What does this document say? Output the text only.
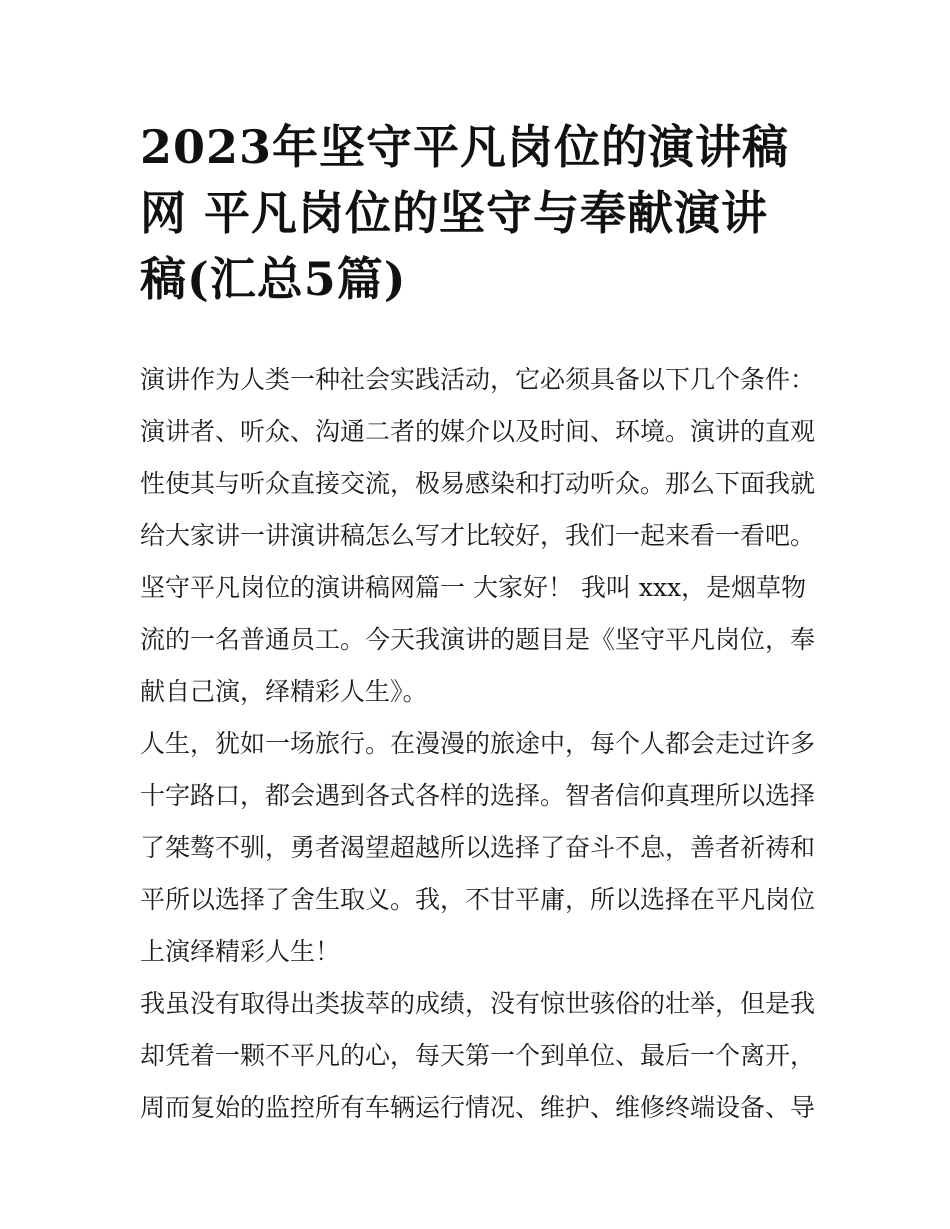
2023年坚守平凡岗位的演讲稿
网 平凡岗位的坚守与奉献演讲
稿(汇总5篇)
演讲作为人类一种社会实践活动，它必须具备以下几个条件：
演讲者、听众、沟通二者的媒介以及时间、环境。演讲的直观
性使其与听众直接交流，极易感染和打动听众。那么下面我就
给大家讲一讲演讲稿怎么写才比较好，我们一起来看一看吧。
坚守平凡岗位的演讲稿网篇一 大家好！ 我叫 xxx，是烟草物
流的一名普通员工。今天我演讲的题目是《坚守平凡岗位，奉
献自己演，绎精彩人生》。
人生，犹如一场旅行。在漫漫的旅途中，每个人都会走过许多
十字路口，都会遇到各式各样的选择。智者信仰真理所以选择
了桀骜不驯，勇者渴望超越所以选择了奋斗不息，善者祈祷和
平所以选择了舍生取义。我，不甘平庸，所以选择在平凡岗位
上演绎精彩人生！
我虽没有取得出类拔萃的成绩，没有惊世骇俗的壮举，但是我
却凭着一颗不平凡的心，每天第一个到单位、最后一个离开，
周而复始的监控所有车辆运行情况、维护、维修终端设备、导
